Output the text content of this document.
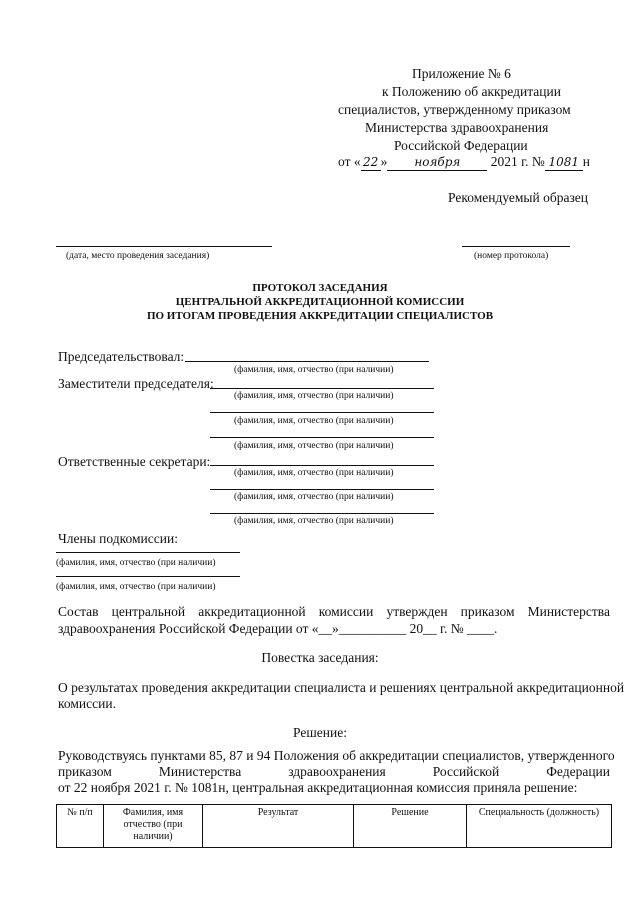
Приложение № 6
к Положению об аккредитации
специалистов, утвержденному приказом
Министерства здравоохранения
Российской Федерации
от « 22 » ноября 2021 г. № 1081 н
Рекомендуемый образец
(дата, место проведения заседания)	(номер протокола)
ПРОТОКОЛ ЗАСЕДАНИЯ
ЦЕНТРАЛЬНОЙ АККРЕДИТАЦИОННОЙ КОМИССИИ
ПО ИТОГАМ ПРОВЕДЕНИЯ АККРЕДИТАЦИИ СПЕЦИАЛИСТОВ
Председательствовал:
(фамилия, имя, отчество (при наличии)
Заместители председателя:
(фамилия, имя, отчество (при наличии)
(фамилия, имя, отчество (при наличии)
(фамилия, имя, отчество (при наличии)
Ответственные секретари:
(фамилия, имя, отчество (при наличии)
(фамилия, имя, отчество (при наличии)
(фамилия, имя, отчество (при наличии)
Члены подкомиссии:
(фамилия, имя, отчество (при наличии)
(фамилия, имя, отчество (при наличии)
Состав центральной аккредитационной комиссии утвержден приказом Министерства
здравоохранения Российской Федерации от «__»__________ 20__ г. № ____.
Повестка заседания:
О результатах проведения аккредитации специалиста и решениях центральной аккредитационной
комиссии.
Решение:
Руководствуясь пунктами 85, 87 и 94 Положения об аккредитации специалистов, утвержденного
приказом Министерства здравоохранения Российской Федерации
от 22 ноября 2021 г. № 1081н, центральная аккредитационная комиссия приняла решение:
№ п/п	Фамилия, имя отчество (при наличии)	Результат	Решение	Специальность (должность)
